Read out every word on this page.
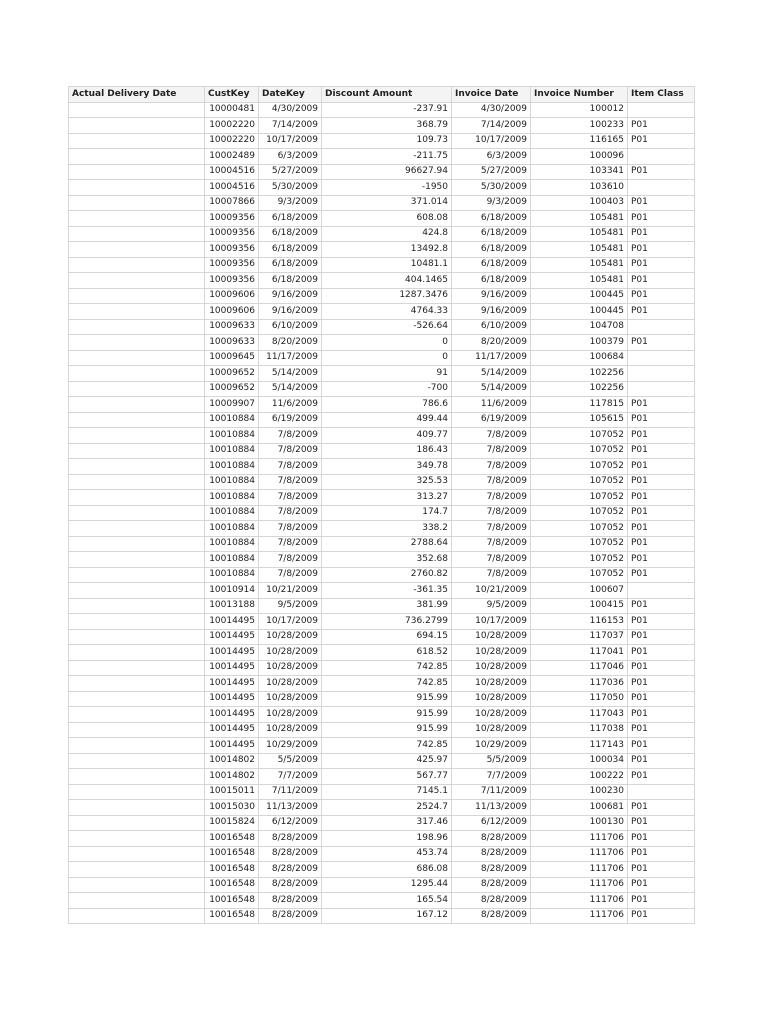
Actual Delivery Date	CustKey	DateKey	Discount Amount	Invoice Date	Invoice Number	Item Class
	10000481	4/30/2009	-237.91	4/30/2009	100012	
	10002220	7/14/2009	368.79	7/14/2009	100233	P01
	10002220	10/17/2009	109.73	10/17/2009	116165	P01
	10002489	6/3/2009	-211.75	6/3/2009	100096	
	10004516	5/27/2009	96627.94	5/27/2009	103341	P01
	10004516	5/30/2009	-1950	5/30/2009	103610	
	10007866	9/3/2009	371.014	9/3/2009	100403	P01
	10009356	6/18/2009	608.08	6/18/2009	105481	P01
	10009356	6/18/2009	424.8	6/18/2009	105481	P01
	10009356	6/18/2009	13492.8	6/18/2009	105481	P01
	10009356	6/18/2009	10481.1	6/18/2009	105481	P01
	10009356	6/18/2009	404.1465	6/18/2009	105481	P01
	10009606	9/16/2009	1287.3476	9/16/2009	100445	P01
	10009606	9/16/2009	4764.33	9/16/2009	100445	P01
	10009633	6/10/2009	-526.64	6/10/2009	104708	
	10009633	8/20/2009	0	8/20/2009	100379	P01
	10009645	11/17/2009	0	11/17/2009	100684	
	10009652	5/14/2009	91	5/14/2009	102256	
	10009652	5/14/2009	-700	5/14/2009	102256	
	10009907	11/6/2009	786.6	11/6/2009	117815	P01
	10010884	6/19/2009	499.44	6/19/2009	105615	P01
	10010884	7/8/2009	409.77	7/8/2009	107052	P01
	10010884	7/8/2009	186.43	7/8/2009	107052	P01
	10010884	7/8/2009	349.78	7/8/2009	107052	P01
	10010884	7/8/2009	325.53	7/8/2009	107052	P01
	10010884	7/8/2009	313.27	7/8/2009	107052	P01
	10010884	7/8/2009	174.7	7/8/2009	107052	P01
	10010884	7/8/2009	338.2	7/8/2009	107052	P01
	10010884	7/8/2009	2788.64	7/8/2009	107052	P01
	10010884	7/8/2009	352.68	7/8/2009	107052	P01
	10010884	7/8/2009	2760.82	7/8/2009	107052	P01
	10010914	10/21/2009	-361.35	10/21/2009	100607	
	10013188	9/5/2009	381.99	9/5/2009	100415	P01
	10014495	10/17/2009	736.2799	10/17/2009	116153	P01
	10014495	10/28/2009	694.15	10/28/2009	117037	P01
	10014495	10/28/2009	618.52	10/28/2009	117041	P01
	10014495	10/28/2009	742.85	10/28/2009	117046	P01
	10014495	10/28/2009	742.85	10/28/2009	117036	P01
	10014495	10/28/2009	915.99	10/28/2009	117050	P01
	10014495	10/28/2009	915.99	10/28/2009	117043	P01
	10014495	10/28/2009	915.99	10/28/2009	117038	P01
	10014495	10/29/2009	742.85	10/29/2009	117143	P01
	10014802	5/5/2009	425.97	5/5/2009	100034	P01
	10014802	7/7/2009	567.77	7/7/2009	100222	P01
	10015011	7/11/2009	7145.1	7/11/2009	100230	
	10015030	11/13/2009	2524.7	11/13/2009	100681	P01
	10015824	6/12/2009	317.46	6/12/2009	100130	P01
	10016548	8/28/2009	198.96	8/28/2009	111706	P01
	10016548	8/28/2009	453.74	8/28/2009	111706	P01
	10016548	8/28/2009	686.08	8/28/2009	111706	P01
	10016548	8/28/2009	1295.44	8/28/2009	111706	P01
	10016548	8/28/2009	165.54	8/28/2009	111706	P01
	10016548	8/28/2009	167.12	8/28/2009	111706	P01
